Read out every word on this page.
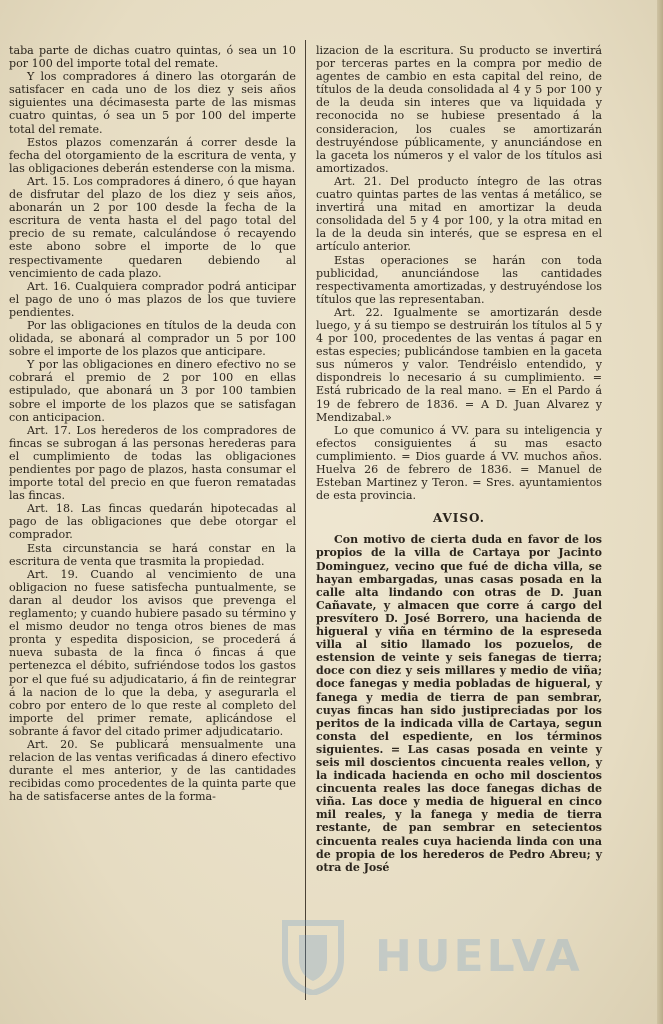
taba parte de dichas cuatro quintas, ó sea un 10 por 100 del importe total del remate.

Y los compradores á dinero las otorgarán de satisfacer en cada uno de los diez y seis años siguientes una décimasesta parte de las mismas cuatro quintas, ó sea un 5 por 100 del imperte total del remate.

Estos plazos comenzarán á correr desde la fecha del otorgamiento de la escritura de venta, y las obligaciones deberán estenderse con la misma.

Art. 15. Los compradores á dinero, ó que hayan de disfrutar del plazo de los diez y seis años, abonarán un 2 por 100 desde la fecha de la escritura de venta hasta el del pago total del precio de su remate, calculándose ó recayendo este abono sobre el importe de lo que respectivamente quedaren debiendo al vencimiento de cada plazo.

Art. 16. Cualquiera comprador podrá anticipar el pago de uno ó mas plazos de los que tuviere pendientes.

Por las obligaciones en títulos de la deuda con olidada, se abonará al comprador un 5 por 100 sobre el importe de los plazos que anticipare.

Y por las obligaciones en dinero efectivo no se cobrará el premio de 2 por 100 en ellas estipulado, que abonará un 3 por 100 tambien sobre el importe de los plazos que se satisfagan con anticipacion.

Art. 17. Los herederos de los compradores de fincas se subrogan á las personas herederas para el cumplimiento de todas las obligaciones pendientes por pago de plazos, hasta consumar el importe total del precio en que fueron rematadas las fincas.

Art. 18. Las fincas quedarán hipotecadas al pago de las obligaciones que debe otorgar el comprador.

Esta circunstancia se hará constar en la escritura de venta que trasmita la propiedad.

Art. 19. Cuando al vencimiento de una obligacion no fuese satisfecha puntualmente, se daran al deudor los avisos que prevenga el reglamento; y cuando hubiere pasado su término y el mismo deudor no tenga otros bienes de mas pronta y espedita disposicion, se procederá á nueva subasta de la finca ó fincas á que pertenezca el débito, sufriéndose todos los gastos por el que fué su adjudicatario, á fin de reintegrar á la nacion de lo que la deba, y asegurarla el cobro por entero de lo que reste al completo del importe del primer remate, aplicándose el sobrante á favor del citado primer adjudicatario.

Art. 20. Se publicará mensualmente una relacion de las ventas verificadas á dinero efectivo durante el mes anterior, y de las cantidades recibidas como procedentes de la quinta parte que ha de satisfacerse antes de la forma-

lizacion de la escritura. Su producto se invertirá por terceras partes en la compra por medio de agentes de cambio en esta capital del reino, de títulos de la deuda consolidada al 4 y 5 por 100 y de la deuda sin interes que va liquidada y reconocida no se hubiese presentado á la consideracion, los cuales se amortizarán destruyéndose públicamente, y anunciándose en la gaceta los números y el valor de los títulos asi amortizados.

Art. 21. Del producto íntegro de las otras cuatro quintas partes de las ventas á metálico, se invertirá una mitad en amortizar la deuda consolidada del 5 y 4 por 100, y la otra mitad en la de la deuda sin interés, que se espresa en el artículo anterior.

Estas operaciones se harán con toda publicidad, anunciándose las cantidades respectivamenta amortizadas, y destruyéndose los títulos que las representaban.

Art. 22. Igualmente se amortizarán desde luego, y á su tiempo se destruirán los títulos al 5 y 4 por 100, procedentes de las ventas á pagar en estas especies; publicándose tambien en la gaceta sus números y valor. Tendréislo entendido, y dispondreis lo necesario á su cumplimiento. = Está rubricado de la real mano. = En el Pardo á 19 de febrero de 1836. = A D. Juan Alvarez y Mendizabal.»

Lo que comunico á VV. para su inteligencia y efectos consiguientes á su mas esacto cumplimiento. = Dios guarde á VV. muchos años. Huelva 26 de febrero de 1836. = Manuel de Esteban Martinez y Teron. = Sres. ayuntamientos de esta provincia.

AVISO.

Con motivo de cierta duda en favor de los propios de la villa de Cartaya por Jacinto Dominguez, vecino que fué de dicha villa, se hayan embargadas, unas casas posada en la calle alta lindando con otras de D. Juan Cañavate, y almacen que corre á cargo del presvítero D. José Borrero, una hacienda de higueral y viña en término de la espreseda villa al sitio llamado los pozuelos, de estension de veinte y seis fanegas de tierra; doce con diez y seis millares y medio de viña; doce fanegas y media pobladas de higueral, y fanega y media de tierra de pan sembrar, cuyas fincas han sido justipreciadas por los peritos de la indicada villa de Cartaya, segun consta del espediente, en los términos siguientes. = Las casas posada en veinte y seis mil doscientos cincuenta reales vellon, y la indicada hacienda en ocho mil doscientos cincuenta reales las doce fanegas dichas de viña. Las doce y media de higueral en cinco mil reales, y la fanega y media de tierra restante, de pan sembrar en setecientos cincuenta reales cuya hacienda linda con una de propia de los herederos de Pedro Abreu; y otra de José

HUELVA
